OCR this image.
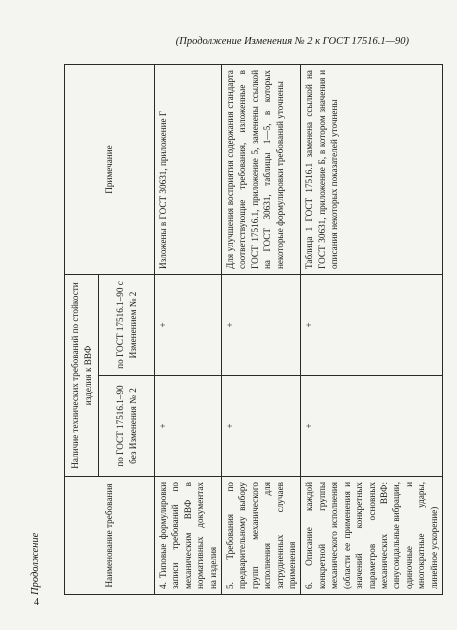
(Продолжение Изменения № 2 к ГОСТ 17516.1—90)
Продолжение
4
Наименование требования	Наличие технических требований по стойкости изделия к ВВФ		Примечание
	по ГОСТ 17516.1–90 без Изменения № 2	по ГОСТ 17516.1–90 с Изменением № 2	
4. Типовые формулировки записи требований по механическим ВВФ в нормативных документах на изделия	+	+	Изложены в ГОСТ 30631, приложение Г
5. Требования по предварительному выбору групп механического исполнения для затрудненных случаев применения	+	+	Для улучшения восприятия содержания стандарта соответствующие требования, изложенные в ГОСТ 17516.1, приложение 5, заменены ссылкой на ГОСТ 30631, таблицы 1—5, в которых некоторые формулировки требований уточнены
6. Описание каждой конкретной группы механического исполнения (области ее применения и значений конкретных параметров основных механических ВВФ: синусоидальные вибрации, одиночные и многократные удары, линейное ускорение)	+	+	Таблица 1 ГОСТ 17516.1 заменена ссылкой на ГОСТ 30631, приложение Б, в котором значения и описания некоторых показателей уточнены
